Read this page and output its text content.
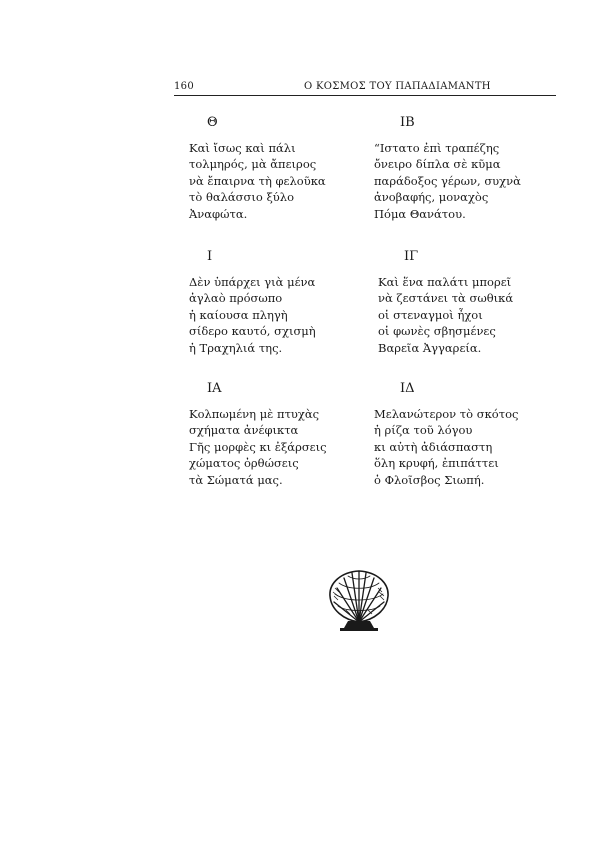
160	Ο ΚΟΣΜΟΣ ΤΟΥ ΠΑΠΑΔΙΑΜΑΝΤΗ
Θ
Καὶ ἴσως καὶ πάλι
τολμηρός, μὰ ἄπειρος
νὰ ἔπαιρνα τὴ φελοῦκα
τὸ θαλάσσιο ξύλο
Ἀναφώτα.
ΙΒ
“Ιστατο ἐπὶ τραπέζης
ὄνειρο δίπλα σὲ κῦμα
παράδοξος γέρων, συχνὰ
ἀνοβαφής, μοναχὸς
Πόμα Θανάτου.
Ι
Δὲν ὑπάρχει γιὰ μένα
ἀγλαὸ πρόσωπο
ἡ καίουσα πληγὴ
σίδερο καυτό, σχισμὴ
ἡ Τραχηλιά της.
ΙΓ
Καὶ ἕνα παλάτι μπορεῖ
νὰ ζεστάνει τὰ σωθικά
οἱ στεναγμοὶ ἦχοι
οἱ φωνὲς σβησμένες
Βαρεῖα Ἀγγαρεία.
ΙΑ
Κολπωμένη μὲ πτυχὰς
σχήματα ἀνέφικτα
Γῆς μορφὲς κι ἐξάρσεις
χώματος ὀρθώσεις
τὰ Σώματά μας.
ΙΔ
Μελανώτερον τὸ σκότος
ἡ ρίζα τοῦ λόγου
κι αὐτὴ ἀδιάσπαστη
ὅλη κρυφή, ἐπιπάττει
ὁ Φλοῖσβος Σιωπή.
